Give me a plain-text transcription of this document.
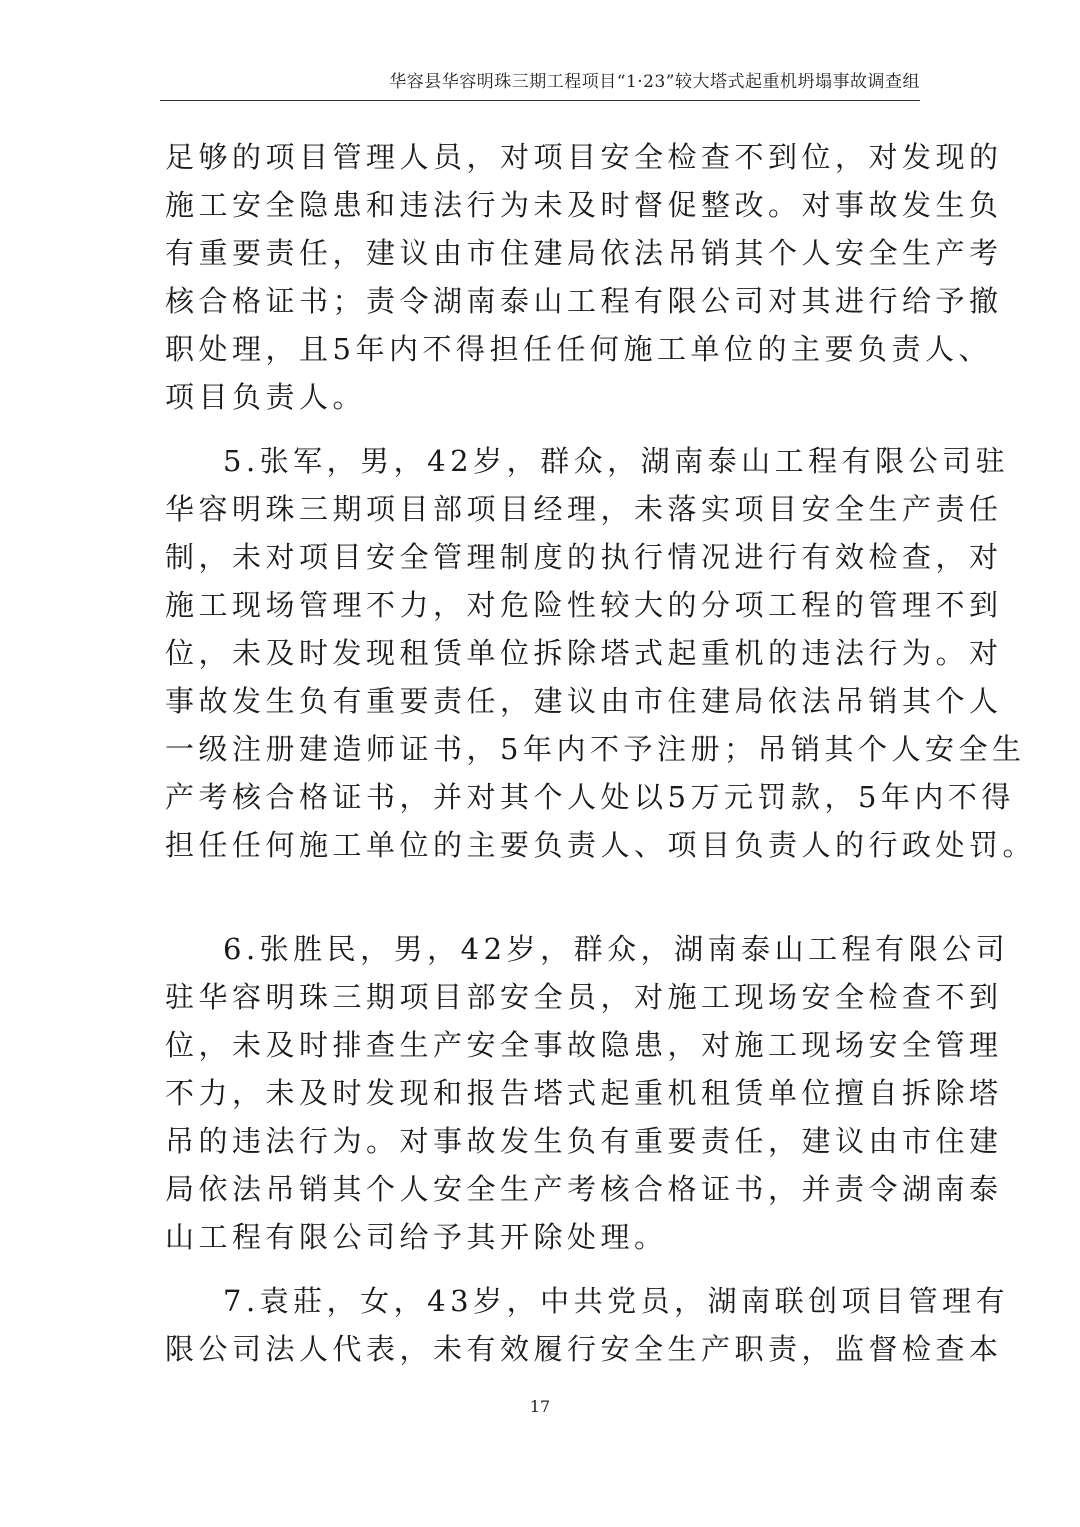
华容县华容明珠三期工程项目“1·23”较大塔式起重机坍塌事故调查组
足够的项目管理人员，对项目安全检查不到位，对发现的
施工安全隐患和违法行为未及时督促整改。对事故发生负
有重要责任，建议由市住建局依法吊销其个人安全生产考
核合格证书；责令湖南泰山工程有限公司对其进行给予撤
职处理，且5年内不得担任任何施工单位的主要负责人、
项目负责人。
5.张军，男，42岁，群众，湖南泰山工程有限公司驻
华容明珠三期项目部项目经理，未落实项目安全生产责任
制，未对项目安全管理制度的执行情况进行有效检查，对
施工现场管理不力，对危险性较大的分项工程的管理不到
位，未及时发现租赁单位拆除塔式起重机的违法行为。对
事故发生负有重要责任，建议由市住建局依法吊销其个人
一级注册建造师证书，5年内不予注册；吊销其个人安全生
产考核合格证书，并对其个人处以5万元罚款，5年内不得
担任任何施工单位的主要负责人、项目负责人的行政处罚。
6.张胜民，男，42岁，群众，湖南泰山工程有限公司
驻华容明珠三期项目部安全员，对施工现场安全检查不到
位，未及时排查生产安全事故隐患，对施工现场安全管理
不力，未及时发现和报告塔式起重机租赁单位擅自拆除塔
吊的违法行为。对事故发生负有重要责任，建议由市住建
局依法吊销其个人安全生产考核合格证书，并责令湖南泰
山工程有限公司给予其开除处理。
7.袁莊，女，43岁，中共党员，湖南联创项目管理有
限公司法人代表，未有效履行安全生产职责，监督检查本
17
